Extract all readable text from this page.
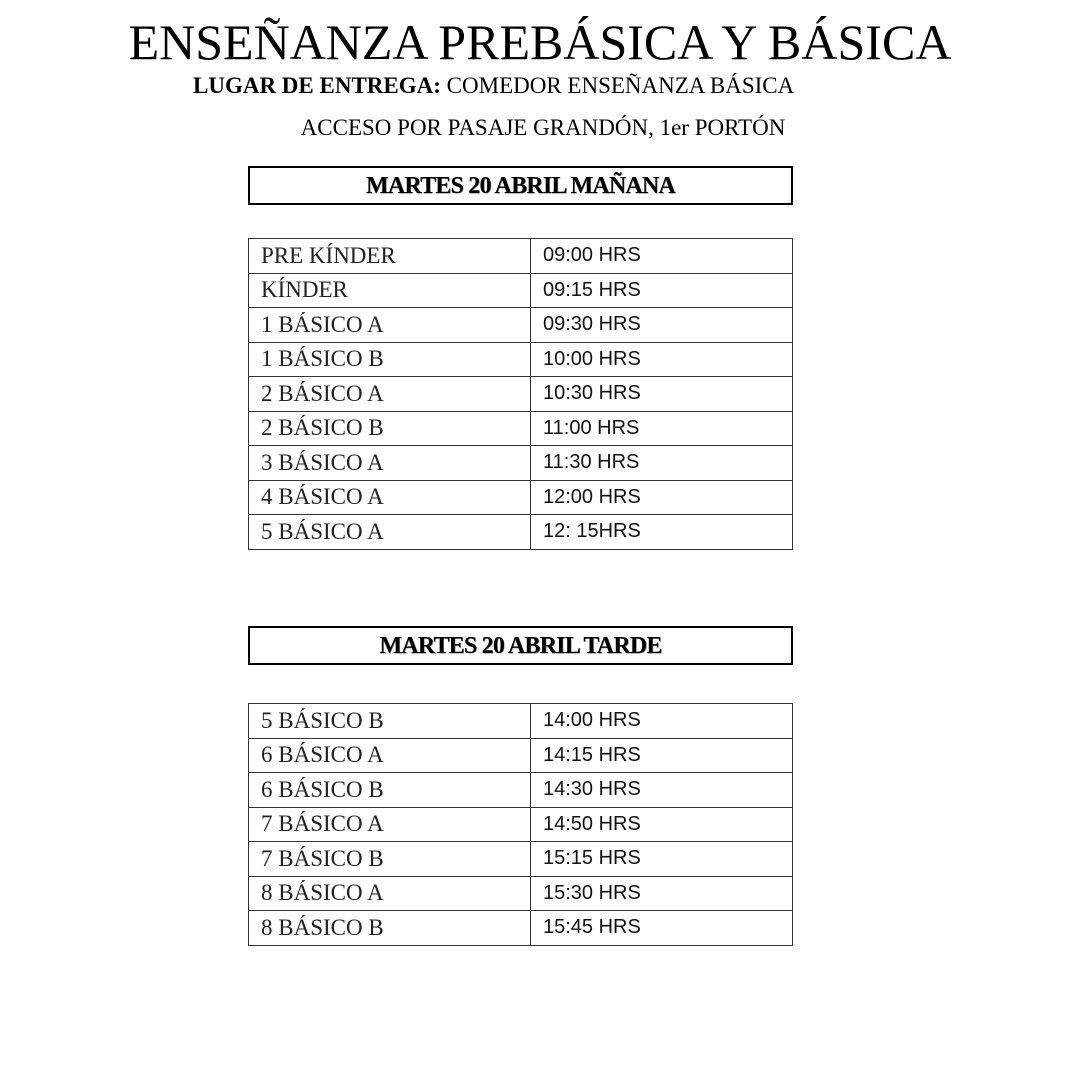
ENSEÑANZA PREBÁSICA Y BÁSICA
LUGAR DE ENTREGA: COMEDOR ENSEÑANZA BÁSICA
ACCESO POR PASAJE GRANDÓN, 1er PORTÓN
MARTES 20 ABRIL MAÑANA
PRE KÍNDER	09:00 HRS
KÍNDER	09:15 HRS
1 BÁSICO A	09:30 HRS
1 BÁSICO B	10:00 HRS
2 BÁSICO A	10:30 HRS
2 BÁSICO B	11:00 HRS
3 BÁSICO A	11:30 HRS
4 BÁSICO A	12:00 HRS
5 BÁSICO A	12: 15HRS
MARTES 20 ABRIL TARDE
5 BÁSICO B	14:00 HRS
6 BÁSICO A	14:15 HRS
6 BÁSICO B	14:30 HRS
7 BÁSICO A	14:50 HRS
7 BÁSICO B	15:15 HRS
8 BÁSICO A	15:30 HRS
8 BÁSICO B	15:45 HRS
